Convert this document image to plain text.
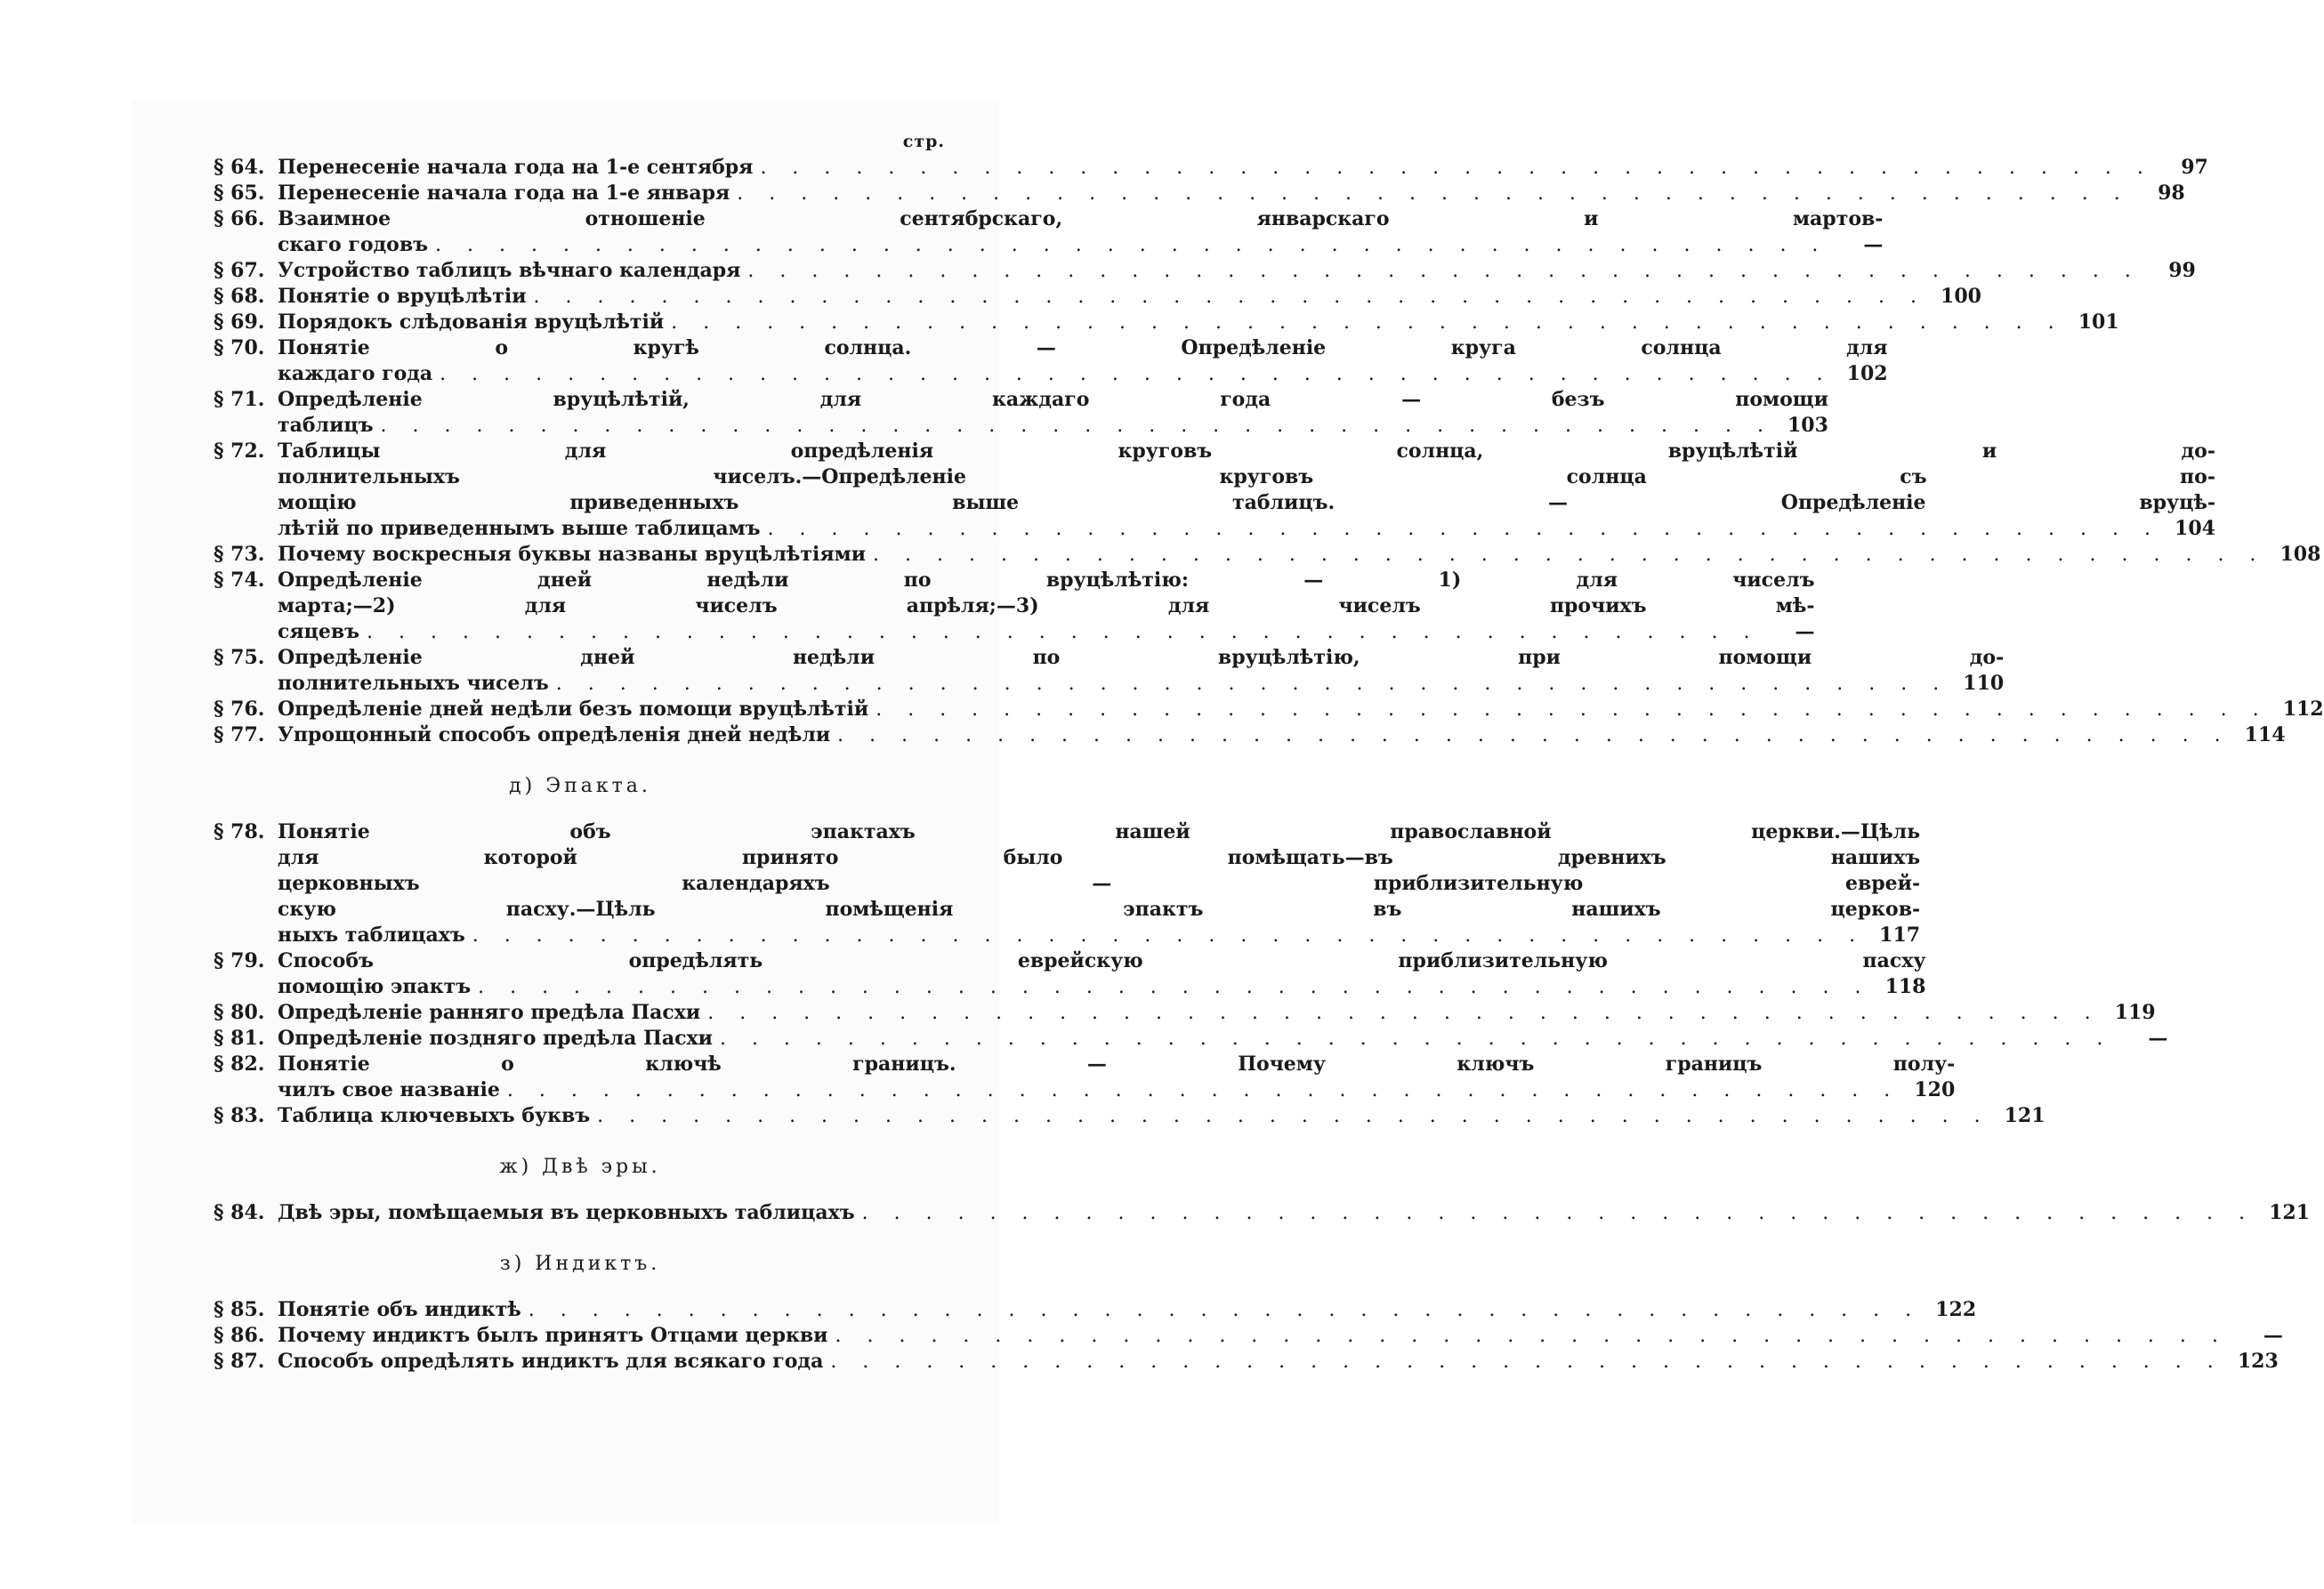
стр.
§ 64. Перенесеніе начала года на 1-е сентября . . .	97
§ 65. Перенесеніе начала года на 1-е января . . .	98
§ 66. Взаимное отношеніе сентябрскаго, январскаго и мартов-
скаго годовъ . . .	—
§ 67. Устройство таблицъ вѣчнаго календаря . . .	99
§ 68. Понятіе о вруцѣлѣтіи . . .	100
§ 69. Порядокъ слѣдованія вруцѣлѣтій . . .	101
§ 70. Понятіе о кругѣ солнца. — Опредѣленіе круга солнца для
каждаго года . . .	102
§ 71. Опредѣленіе вруцѣлѣтій, для каждаго года — безъ помощи
таблицъ . . .	103
§ 72. Таблицы для опредѣленія круговъ солнца, вруцѣлѣтій и до-
полнительныхъ чиселъ.—Опредѣленіе круговъ солнца съ по-
мощію приведенныхъ выше таблицъ. — Опредѣленіе вруцѣ-
лѣтій по приведеннымъ выше таблицамъ . . .	104
§ 73. Почему воскресныя буквы названы вруцѣлѣтіями . . .	108
§ 74. Опредѣленіе дней недѣли по вруцѣлѣтію: — 1) для чиселъ
марта;—2) для чиселъ апрѣля;—3) для чиселъ прочихъ мѣ-
сяцевъ . . .	—
§ 75. Опредѣленіе дней недѣли по вруцѣлѣтію, при помощи до-
полнительныхъ чиселъ . . .	110
§ 76. Опредѣленіе дней недѣли безъ помощи вруцѣлѣтій . . .	112
§ 77. Упрощонный способъ опредѣленія дней недѣли . . .	114
д) Эпакта.
§ 78. Понятіе объ эпактахъ нашей православной церкви.—Цѣль
для которой принято было помѣщать—въ древнихъ нашихъ
церковныхъ календаряхъ — приблизительную еврей-
скую пасху.—Цѣль помѣщенія эпактъ въ нашихъ церков-
ныхъ таблицахъ . . .	117
§ 79. Способъ опредѣлять еврейскую приблизительную пасху
помощію эпактъ . . .	118
§ 80. Опредѣленіе ранняго предѣла Пасхи . . .	119
§ 81. Опредѣленіе поздняго предѣла Пасхи . . .	—
§ 82. Понятіе о ключѣ границъ. — Почему ключъ границъ полу-
чилъ свое названіе . . .	120
§ 83. Таблица ключевыхъ буквъ . . .	121
ж) Двѣ эры.
§ 84. Двѣ эры, помѣщаемыя въ церковныхъ таблицахъ . . .	121
з) Индиктъ.
§ 85. Понятіе объ индиктѣ . . .	122
§ 86. Почему индиктъ былъ принятъ Отцами церкви . . .	—
§ 87. Способъ опредѣлять индиктъ для всякаго года . . .	123
